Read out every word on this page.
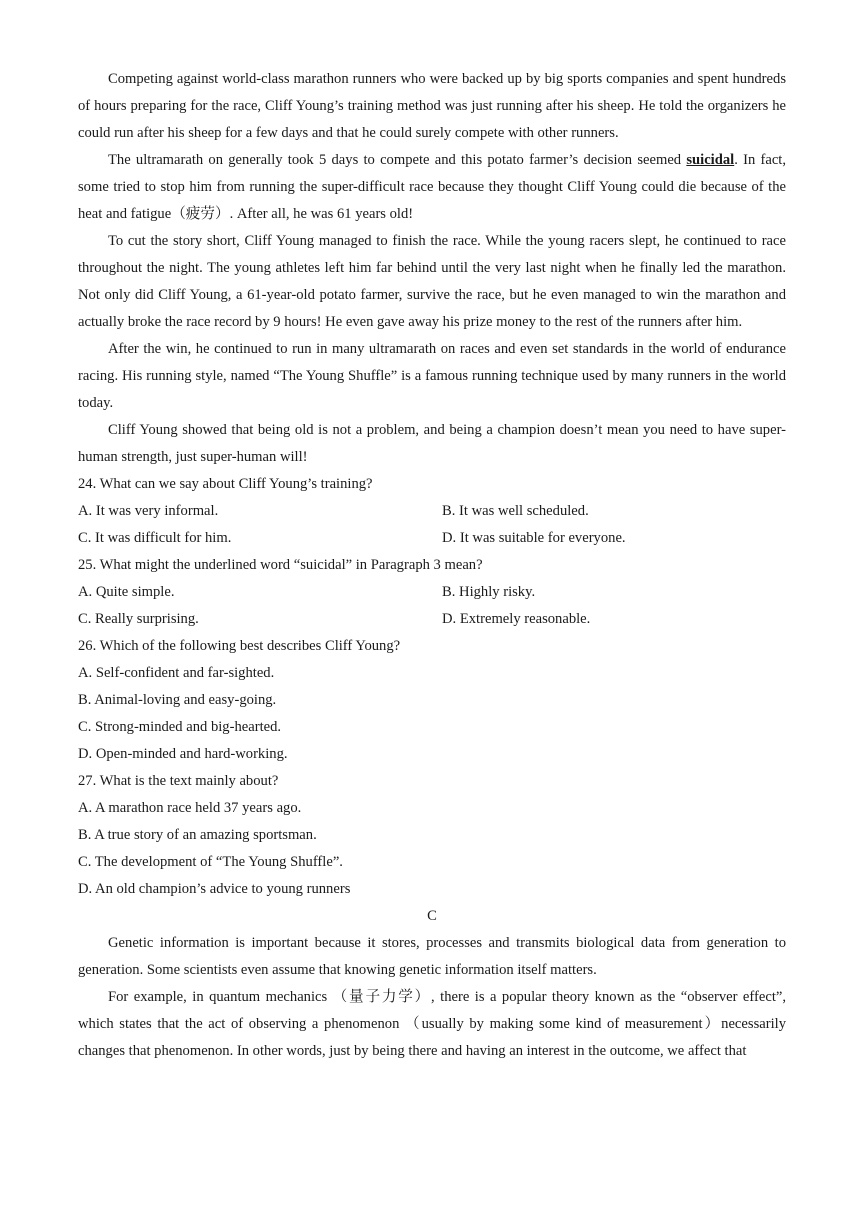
Competing against world-class marathon runners who were backed up by big sports companies and spent hundreds of hours preparing for the race, Cliff Young’s training method was just running after his sheep. He told the organizers he could run after his sheep for a few days and that he could surely compete with other runners.

The ultramarath on generally took 5 days to compete and this potato farmer’s decision seemed suicidal. In fact, some tried to stop him from running the super-difficult race because they thought Cliff Young could die because of the heat and fatigue（疲劳）. After all, he was 61 years old!

To cut the story short, Cliff Young managed to finish the race. While the young racers slept, he continued to race throughout the night. The young athletes left him far behind until the very last night when he finally led the marathon. Not only did Cliff Young, a 61-year-old potato farmer, survive the race, but he even managed to win the marathon and actually broke the race record by 9 hours! He even gave away his prize money to the rest of the runners after him.

After the win, he continued to run in many ultramarath on races and even set standards in the world of endurance racing. His running style, named “The Young Shuffle” is a famous running technique used by many runners in the world today.

Cliff Young showed that being old is not a problem, and being a champion doesn’t mean you need to have super-human strength, just super-human will!

24. What can we say about Cliff Young’s training?
A. It was very informal.	B. It was well scheduled.
C. It was difficult for him.	D. It was suitable for everyone.
25. What might the underlined word “suicidal” in Paragraph 3 mean?
A. Quite simple.	B. Highly risky.
C. Really surprising.	D. Extremely reasonable.
26. Which of the following best describes Cliff Young?
A. Self-confident and far-sighted.
B. Animal-loving and easy-going.
C. Strong-minded and big-hearted.
D. Open-minded and hard-working.
27. What is the text mainly about?
A. A marathon race held 37 years ago.
B. A true story of an amazing sportsman.
C. The development of “The Young Shuffle”.
D. An old champion’s advice to young runners
C

Genetic information is important because it stores, processes and transmits biological data from generation to generation. Some scientists even assume that knowing genetic information itself matters.

For example, in quantum mechanics （量子力学）, there is a popular theory known as the “observer effect”, which states that the act of observing a phenomenon （usually by making some kind of measurement）necessarily changes that phenomenon. In other words, just by being there and having an interest in the outcome, we affect that
